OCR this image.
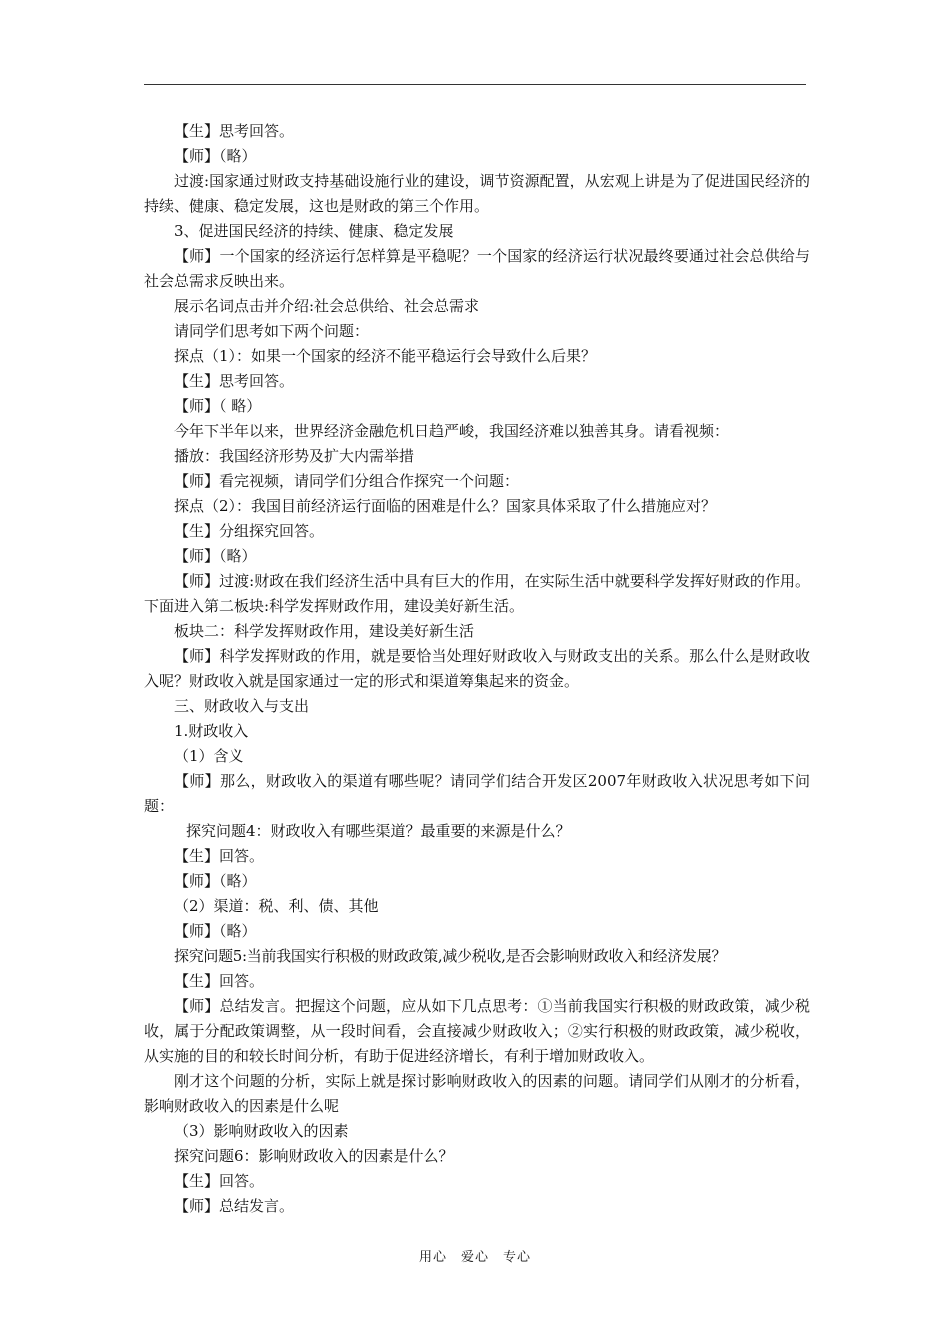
【生】思考回答。

【师】（略）

过渡:国家通过财政支持基础设施行业的建设，调节资源配置，从宏观上讲是为了促进国民经济的持续、健康、稳定发展，这也是财政的第三个作用。

3、促进国民经济的持续、健康、稳定发展

【师】一个国家的经济运行怎样算是平稳呢？一个国家的经济运行状况最终要通过社会总供给与社会总需求反映出来。

展示名词点击并介绍:社会总供给、社会总需求

请同学们思考如下两个问题：

探点（1）：如果一个国家的经济不能平稳运行会导致什么后果？

【生】思考回答。

【师】（ 略）

今年下半年以来，世界经济金融危机日趋严峻，我国经济难以独善其身。请看视频：

播放：我国经济形势及扩大内需举措

【师】看完视频，请同学们分组合作探究一个问题：

探点（2）：我国目前经济运行面临的困难是什么？国家具体采取了什么措施应对？

【生】分组探究回答。

【师】（略）

【师】过渡:财政在我们经济生活中具有巨大的作用，在实际生活中就要科学发挥好财政的作用。下面进入第二板块:科学发挥财政作用，建设美好新生活。

板块二：科学发挥财政作用，建设美好新生活

【师】科学发挥财政的作用，就是要恰当处理好财政收入与财政支出的关系。那么什么是财政收入呢？财政收入就是国家通过一定的形式和渠道筹集起来的资金。

三、财政收入与支出

1.财政收入

（1）含义

【师】那么，财政收入的渠道有哪些呢？请同学们结合开发区2007年财政收入状况思考如下问题：

探究问题4：财政收入有哪些渠道？最重要的来源是什么？

【生】回答。

【师】（略）

（2）渠道：税、利、债、其他

【师】（略）

探究问题5:当前我国实行积极的财政政策,减少税收,是否会影响财政收入和经济发展？

【生】回答。

【师】总结发言。把握这个问题，应从如下几点思考：①当前我国实行积极的财政政策，减少税收，属于分配政策调整，从一段时间看，会直接减少财政收入；②实行积极的财政政策，减少税收，从实施的目的和较长时间分析，有助于促进经济增长，有利于增加财政收入。

刚才这个问题的分析，实际上就是探讨影响财政收入的因素的问题。请同学们从刚才的分析看，影响财政收入的因素是什么呢

（3）影响财政收入的因素

探究问题6：影响财政收入的因素是什么？

【生】回答。

【师】总结发言。

用心　爱心　专心
